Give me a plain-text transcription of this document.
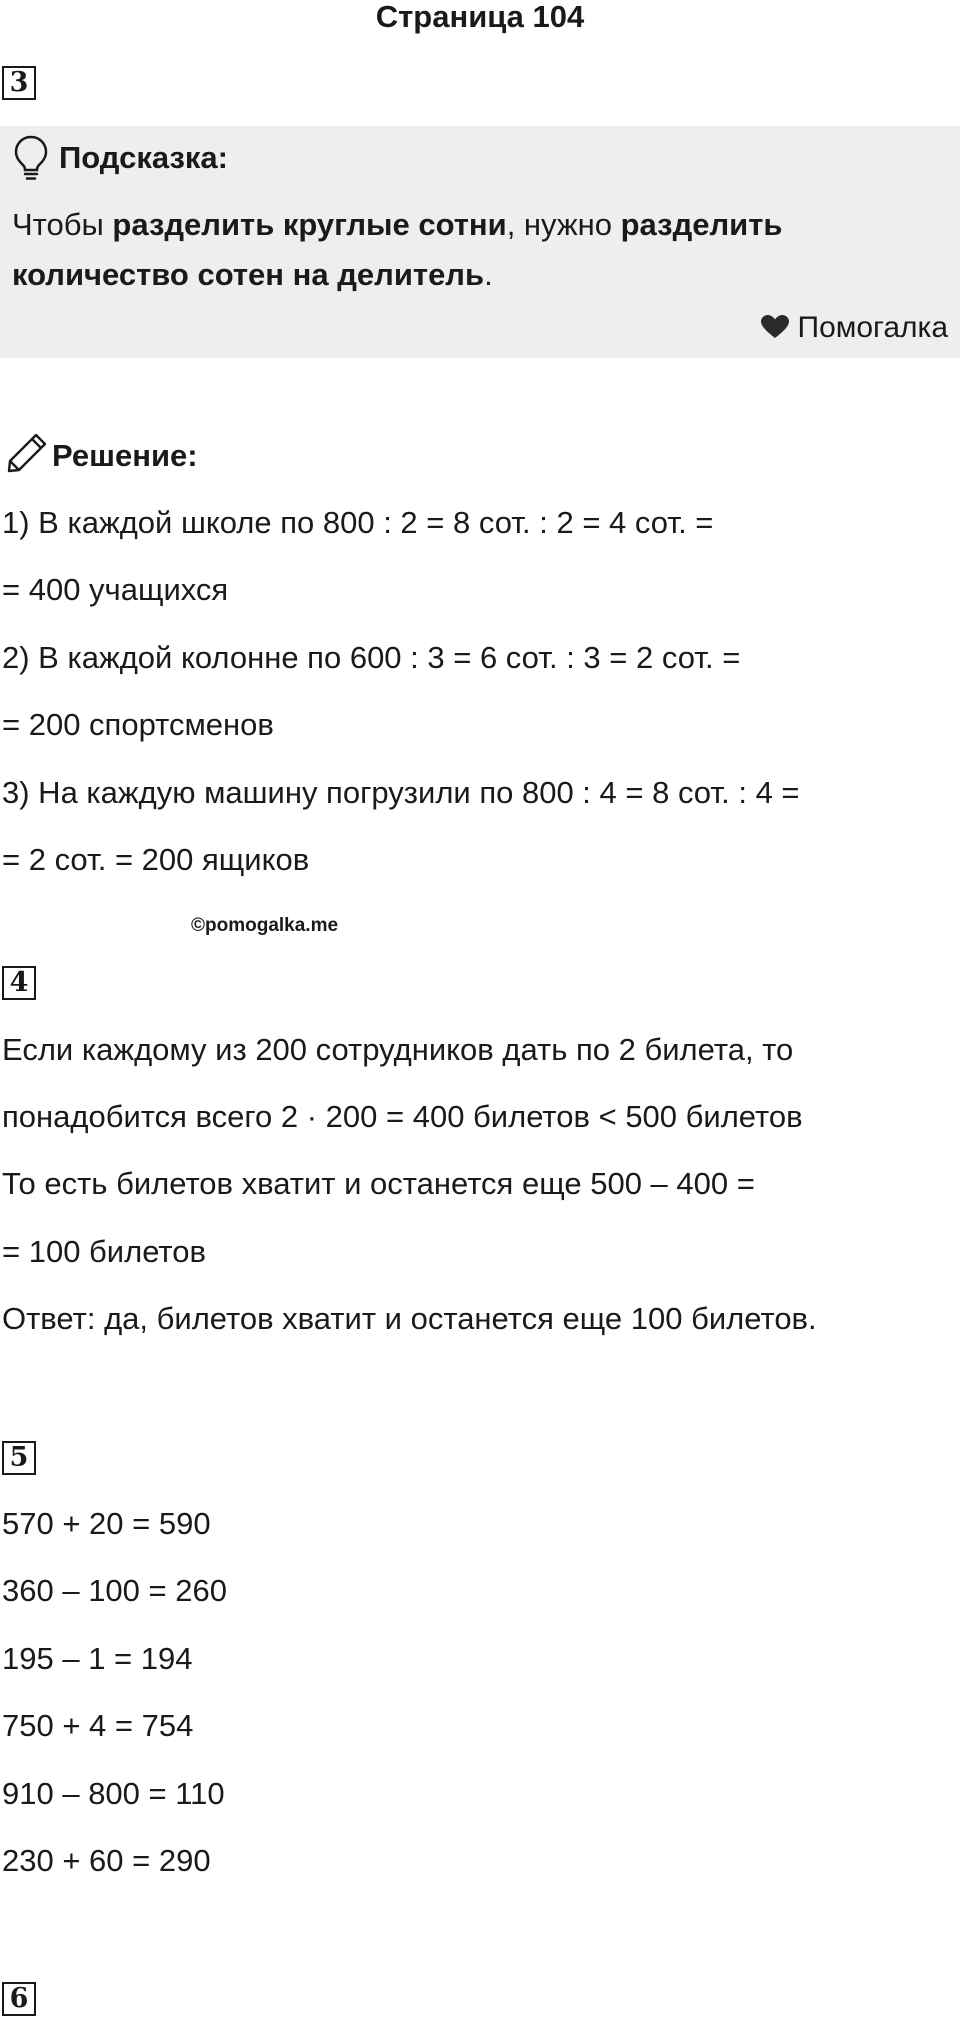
Страница 104
3
Подсказка:
Чтобы разделить круглые сотни, нужно разделить
количество сотен на делитель.
Помогалка
Решение:
1) В каждой школе по 800 : 2 = 8 сот. : 2 = 4 сот. =
= 400 учащихся
2) В каждой колонне по 600 : 3 = 6 сот. : 3 = 2 сот. =
= 200 спортсменов
3) На каждую машину погрузили по 800 : 4 = 8 сот. : 4 =
= 2 сот. = 200 ящиков
©pomogalka.me
4
Если каждому из 200 сотрудников дать по 2 билета, то
понадобится всего 2 · 200 = 400 билетов < 500 билетов
То есть билетов хватит и останется еще 500 – 400 =
= 100 билетов
Ответ: да, билетов хватит и останется еще 100 билетов.
5
570 + 20 = 590
360 – 100 = 260
195 – 1 = 194
750 + 4 = 754
910 – 800 = 110
230 + 60 = 290
6
